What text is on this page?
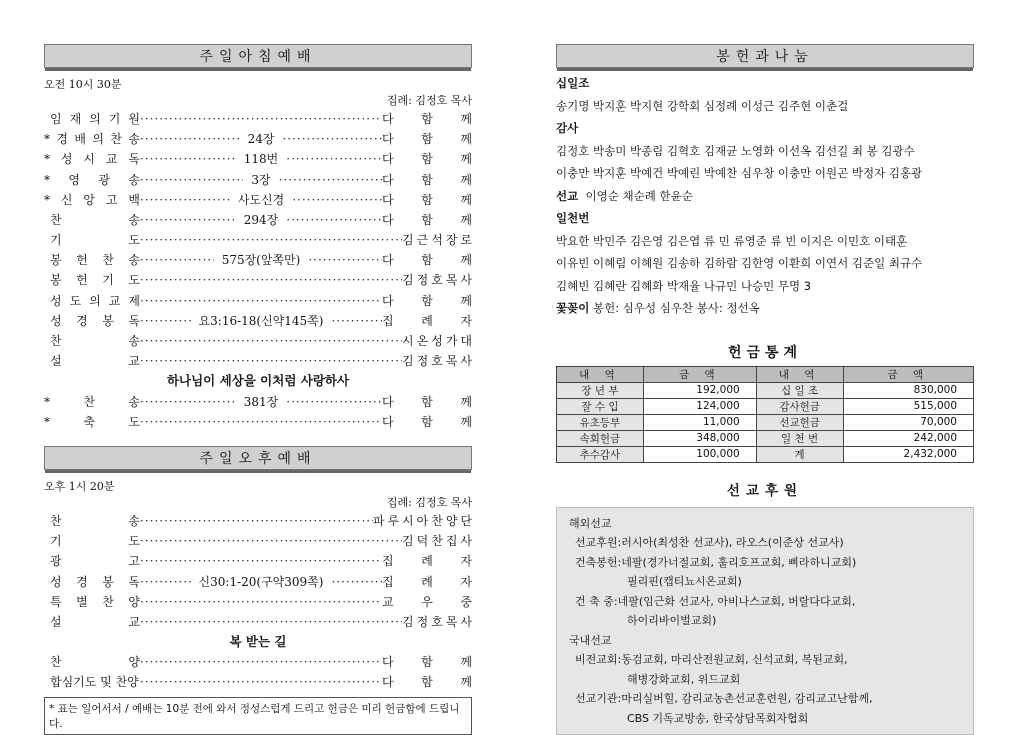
주일아침예배
오전 10시 30분
집례: 김정호 목사
임 재 의 기 원 ·····	다 함 께
* 경 배 의 찬 송 ·····	24장 ·····	다 함 께
* 성 시 교 독 ·····	118번 ·····	다 함 께
* 영 광 송 ·····	3장 ·····	다 함 께
* 신 앙 고 백 ·····	사도신경 ·····	다 함 께
찬	송 ·····	294장 ·····	다 함 께
기	도 ·····	김 근 석 장 로
봉 헌 찬 송 ·····	575장(앞쪽만) ·····	다 함 께
봉 헌 기 도 ·····	김 정 호 목 사
성 도 의 교 제 ·····	다 함 께
성 경 봉 독 ·····	요3:16-18(신약145쪽) ·····	집 례 자
찬	송 ·····	시 온 성 가 대
설	교 ·····	김 정 호 목 사
하나님이 세상을 이처럼 사랑하사
*	찬	송 ·····	381장 ·····	다 함 께
*	축	도 ·····	다 함 께
주일오후예배
오후 1시 20분
집례: 김정호 목사
찬	송 ·····	파 루 시 아 찬 양 단
기	도 ·····	김 덕 찬 집 사
광	고 ·····	집 례 자
성 경 봉 독 ·····	신30:1-20(구약309쪽) ·····	집 례 자
특 별 찬 양 ·····	교 우 중
설	교 ·····	김 정 호 목 사
복 받는 길
찬	양 ·····	다 함 께
합심기도 및 찬양 ·····	다 함 께
* 표는 일어서서 / 예배는 10분 전에 와서 정성스럽게 드리고 헌금은 미리 헌금함에 드립니다.
봉헌과나눔
십일조
송기명 박지훈 박지현 강학회 심정례 이성근 김주현 이춘걸
감사
김정호 박송미 박종림 김혁호 김재균 노영화 이선옥 김선길 최 봉 김광수
이충만 박지훈 박예건 박예린 박예찬 심우창 이충만 이원곤 박정자 김홍광
선교 이영순 채순례 한윤순
일천번
박요한 박민주 김은영 김은엽 류 민 류영준 류 빈 이지은 이민호 이태훈
이유빈 이혜림 이혜원 김송하 김하람 김한영 이환희 이연서 김준일 최규수
김혜빈 김혜란 김혜화 박재율 나규민 나승민 무명 3
꽃꽂이 봉헌: 심우성 심우찬 봉사: 정선옥
헌금통계
내 역	금 액	내 역	금 액
장 년 부	192,000	십 일 조	830,000
잘 수 입	124,000	감사헌금	515,000
유초등부	11,000	선교헌금	70,000
속회헌금	348,000	일 천 번	242,000
추수감사	100,000	계	2,432,000
선교후원
해외선교
선교후원: 러시아(최성찬 선교사), 라오스(이준상 선교사)
건축봉헌: 네팔(경가너절교회, 훌리호프교회, 삐라하니교회)
필리핀(캡티뇨시온교회)
건 축 중: 네팔(임근화 선교사, 아비나스교회, 버랄다다교회,
하이리바이벌교회)
국내선교
비전교회: 동검교회, 마리산전원교회, 신석교회, 복된교회,
해병강화교회, 위드교회
선교기관: 마리실버힐, 감리교농촌선교훈련원, 감리교고난함께,
CBS 기독교방송, 한국상담목회자협회
